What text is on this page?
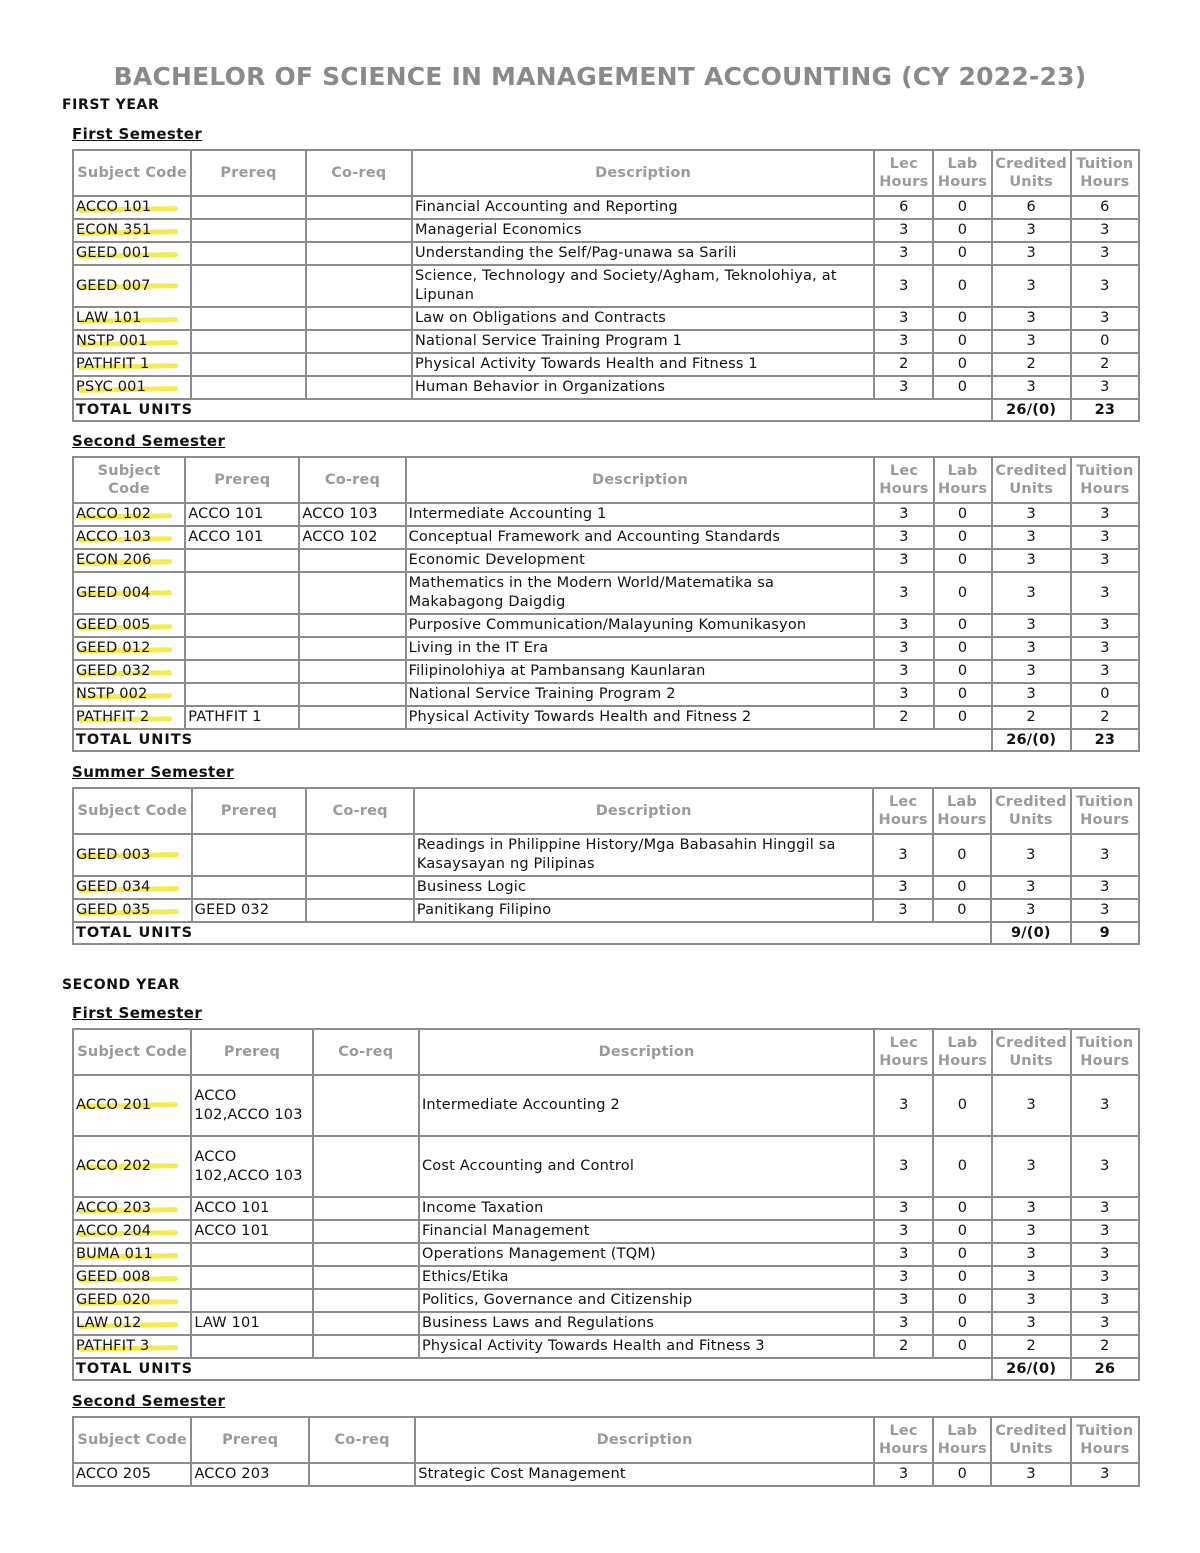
BACHELOR OF SCIENCE IN MANAGEMENT ACCOUNTING (CY 2022-23)
FIRST YEAR
First Semester
Subject Code	Prereq	Co-req	Description	Lec Hours	Lab Hours	Credited Units	Tuition Hours

ACCO 101			Financial Accounting and Reporting	6	0	6	6

ECON 351			Managerial Economics	3	0	3	3

GEED 001			Understanding the Self/Pag-unawa sa Sarili	3	0	3	3

GEED 007			Science, Technology and Society/Agham, Teknolohiya, at Lipunan	3	0	3	3

LAW 101			Law on Obligations and Contracts	3	0	3	3

NSTP 001			National Service Training Program 1	3	0	3	0

PATHFIT 1			Physical Activity Towards Health and Fitness 1	2	0	2	2

PSYC 001			Human Behavior in Organizations	3	0	3	3
TOTAL UNITS						26/(0)	23
Second Semester
Subject Code	Prereq	Co-req	Description	Lec Hours	Lab Hours	Credited Units	Tuition Hours

ACCO 102	ACCO 101	ACCO 103	Intermediate Accounting 1	3	0	3	3

ACCO 103	ACCO 101	ACCO 102	Conceptual Framework and Accounting Standards	3	0	3	3

ECON 206			Economic Development	3	0	3	3

GEED 004			Mathematics in the Modern World/Matematika sa Makabagong Daigdig	3	0	3	3

GEED 005			Purposive Communication/Malayuning Komunikasyon	3	0	3	3

GEED 012			Living in the IT Era	3	0	3	3

GEED 032			Filipinolohiya at Pambansang Kaunlaran	3	0	3	3

NSTP 002			National Service Training Program 2	3	0	3	0

PATHFIT 2	PATHFIT 1		Physical Activity Towards Health and Fitness 2	2	0	2	2
TOTAL UNITS						26/(0)	23
Summer Semester
Subject Code	Prereq	Co-req	Description	Lec Hours	Lab Hours	Credited Units	Tuition Hours

GEED 003			Readings in Philippine History/Mga Babasahin Hinggil sa Kasaysayan ng Pilipinas	3	0	3	3

GEED 034			Business Logic	3	0	3	3

GEED 035	GEED 032		Panitikang Filipino	3	0	3	3
TOTAL UNITS						9/(0)	9
SECOND YEAR
First Semester
Subject Code	Prereq	Co-req	Description	Lec Hours	Lab Hours	Credited Units	Tuition Hours

ACCO 201	ACCO 102,ACCO 103		Intermediate Accounting 2	3	0	3	3

ACCO 202	ACCO 102,ACCO 103		Cost Accounting and Control	3	0	3	3

ACCO 203	ACCO 101		Income Taxation	3	0	3	3

ACCO 204	ACCO 101		Financial Management	3	0	3	3

BUMA 011			Operations Management (TQM)	3	0	3	3

GEED 008			Ethics/Etika	3	0	3	3

GEED 020			Politics, Governance and Citizenship	3	0	3	3

LAW 012	LAW 101		Business Laws and Regulations	3	0	3	3

PATHFIT 3			Physical Activity Towards Health and Fitness 3	2	0	2	2
TOTAL UNITS						26/(0)	26
Second Semester
Subject Code	Prereq	Co-req	Description	Lec Hours	Lab Hours	Credited Units	Tuition Hours
ACCO 205	ACCO 203		Strategic Cost Management	3	0	3	3
